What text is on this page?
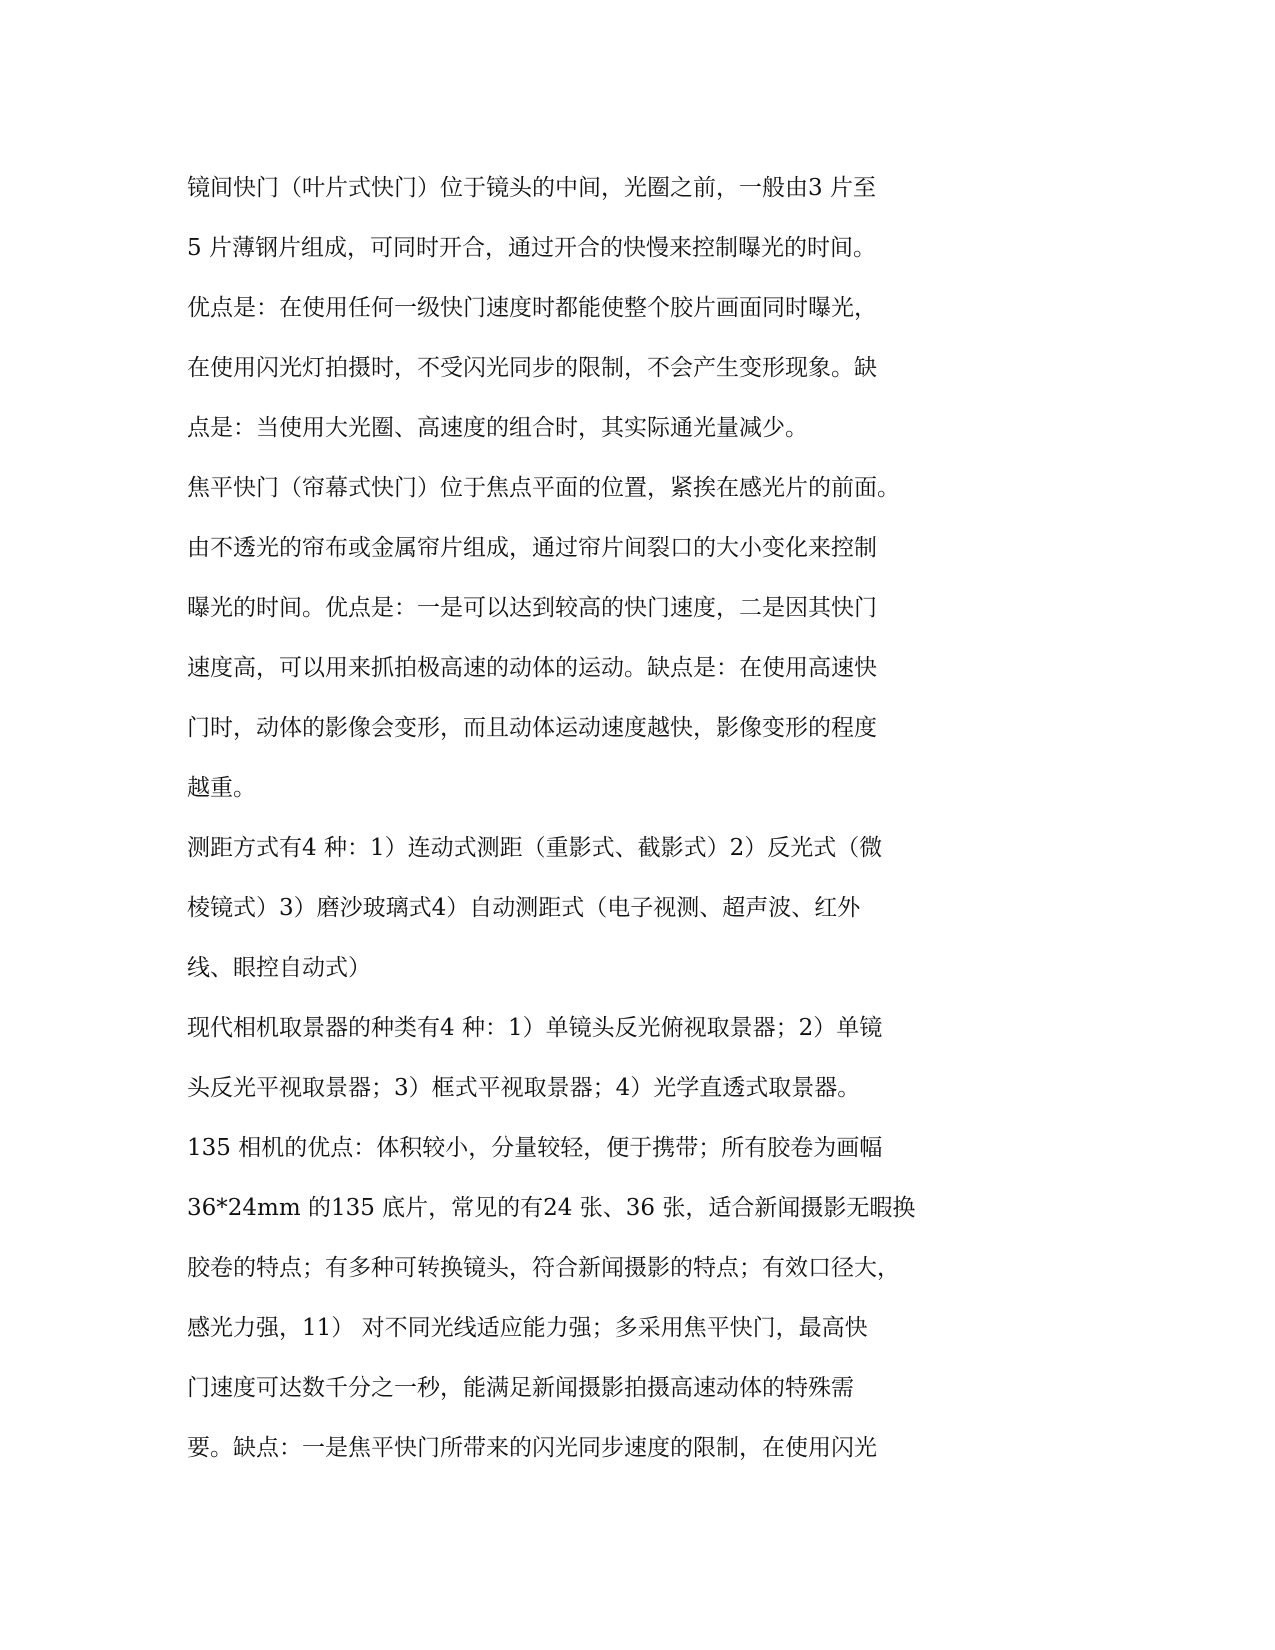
镜间快门（叶片式快门）位于镜头的中间，光圈之前，一般由3 片至
5 片薄钢片组成，可同时开合，通过开合的快慢来控制曝光的时间。
优点是：在使用任何一级快门速度时都能使整个胶片画面同时曝光，
在使用闪光灯拍摄时，不受闪光同步的限制，不会产生变形现象。缺
点是：当使用大光圈、高速度的组合时，其实际通光量减少。
焦平快门（帘幕式快门）位于焦点平面的位置，紧挨在感光片的前面。
由不透光的帘布或金属帘片组成，通过帘片间裂口的大小变化来控制
曝光的时间。优点是：一是可以达到较高的快门速度，二是因其快门
速度高，可以用来抓拍极高速的动体的运动。缺点是：在使用高速快
门时，动体的影像会变形，而且动体运动速度越快，影像变形的程度
越重。
测距方式有4 种：1）连动式测距（重影式、截影式）2）反光式（微
棱镜式）3）磨沙玻璃式4）自动测距式（电子视测、超声波、红外
线、眼控自动式）
现代相机取景器的种类有4 种：1）单镜头反光俯视取景器；2）单镜
头反光平视取景器；3）框式平视取景器；4）光学直透式取景器。
135 相机的优点：体积较小，分量较轻，便于携带；所有胶卷为画幅
36*24mm 的135 底片，常见的有24 张、36 张，适合新闻摄影无暇换
胶卷的特点；有多种可转换镜头，符合新闻摄影的特点；有效口径大，
感光力强，11） 对不同光线适应能力强；多采用焦平快门，最高快
门速度可达数千分之一秒，能满足新闻摄影拍摄高速动体的特殊需
要。缺点：一是焦平快门所带来的闪光同步速度的限制，在使用闪光
